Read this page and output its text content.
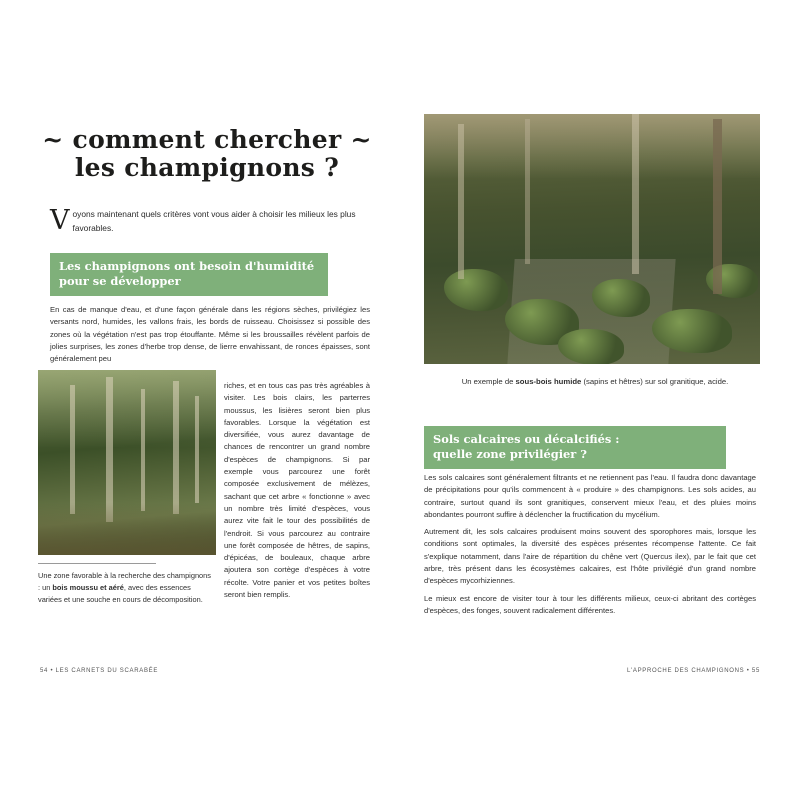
~ comment chercher ~
les champignons ?
Voyons maintenant quels critères vont vous aider à choisir les milieux les plus favorables.
Les champignons ont besoin d'humidité pour se développer

En cas de manque d'eau, et d'une façon générale dans les régions sèches, privilégiez les versants nord, humides, les vallons frais, les bords de ruisseau. Choisissez si possible des zones où la végétation n'est pas trop étouffante. Même si les broussailles révèlent parfois de jolies surprises, les zones d'herbe trop dense, de lierre envahissant, de ronces épaisses, sont généralement peu

riches, et en tous cas pas très agréables à visiter. Les bois clairs, les parterres moussus, les lisières seront bien plus favorables. Lorsque la végétation est diversifiée, vous aurez davantage de chances de rencontrer un grand nombre d'espèces de champignons. Si par exemple vous parcourez une forêt composée exclusivement de mélèzes, sachant que cet arbre « fonctionne » avec un nombre très limité d'espèces, vous aurez vite fait le tour des possibilités de l'endroit. Si vous parcourez au contraire une forêt composée de hêtres, de sapins, d'épicéas, de bouleaux, chaque arbre ajoutera son cortège d'espèces à votre récolte. Votre panier et vos petites boîtes seront bien remplis.

Une zone favorable à la recherche des champignons : un bois moussu et aéré, avec des essences variées et une souche en cours de décomposition.
54 • LES CARNETS DU SCARABÉE
Un exemple de sous-bois humide (sapins et hêtres) sur sol granitique, acide.
Sols calcaires ou décalcifiés :
quelle zone privilégier ?

Les sols calcaires sont généralement filtrants et ne retiennent pas l'eau. Il faudra donc davantage de précipitations pour qu'ils commencent à « produire » des champignons. Les sols acides, au contraire, surtout quand ils sont granitiques, conservent mieux l'eau, et des pluies moins abondantes pourront suffire à déclencher la fructification du mycélium.

Autrement dit, les sols calcaires produisent moins souvent des sporophores mais, lorsque les conditions sont optimales, la diversité des espèces présentes récompense l'attente. Ce fait s'explique notamment, dans l'aire de répartition du chêne vert (Quercus ilex), par le fait que cet arbre, très présent dans les écosystèmes calcaires, est l'hôte privilégié d'un grand nombre d'espèces mycorhiziennes.

Le mieux est encore de visiter tour à tour les différents milieux, ceux-ci abritant des cortèges d'espèces, des fonges, souvent radicalement différentes.

L'APPROCHE DES CHAMPIGNONS • 55
